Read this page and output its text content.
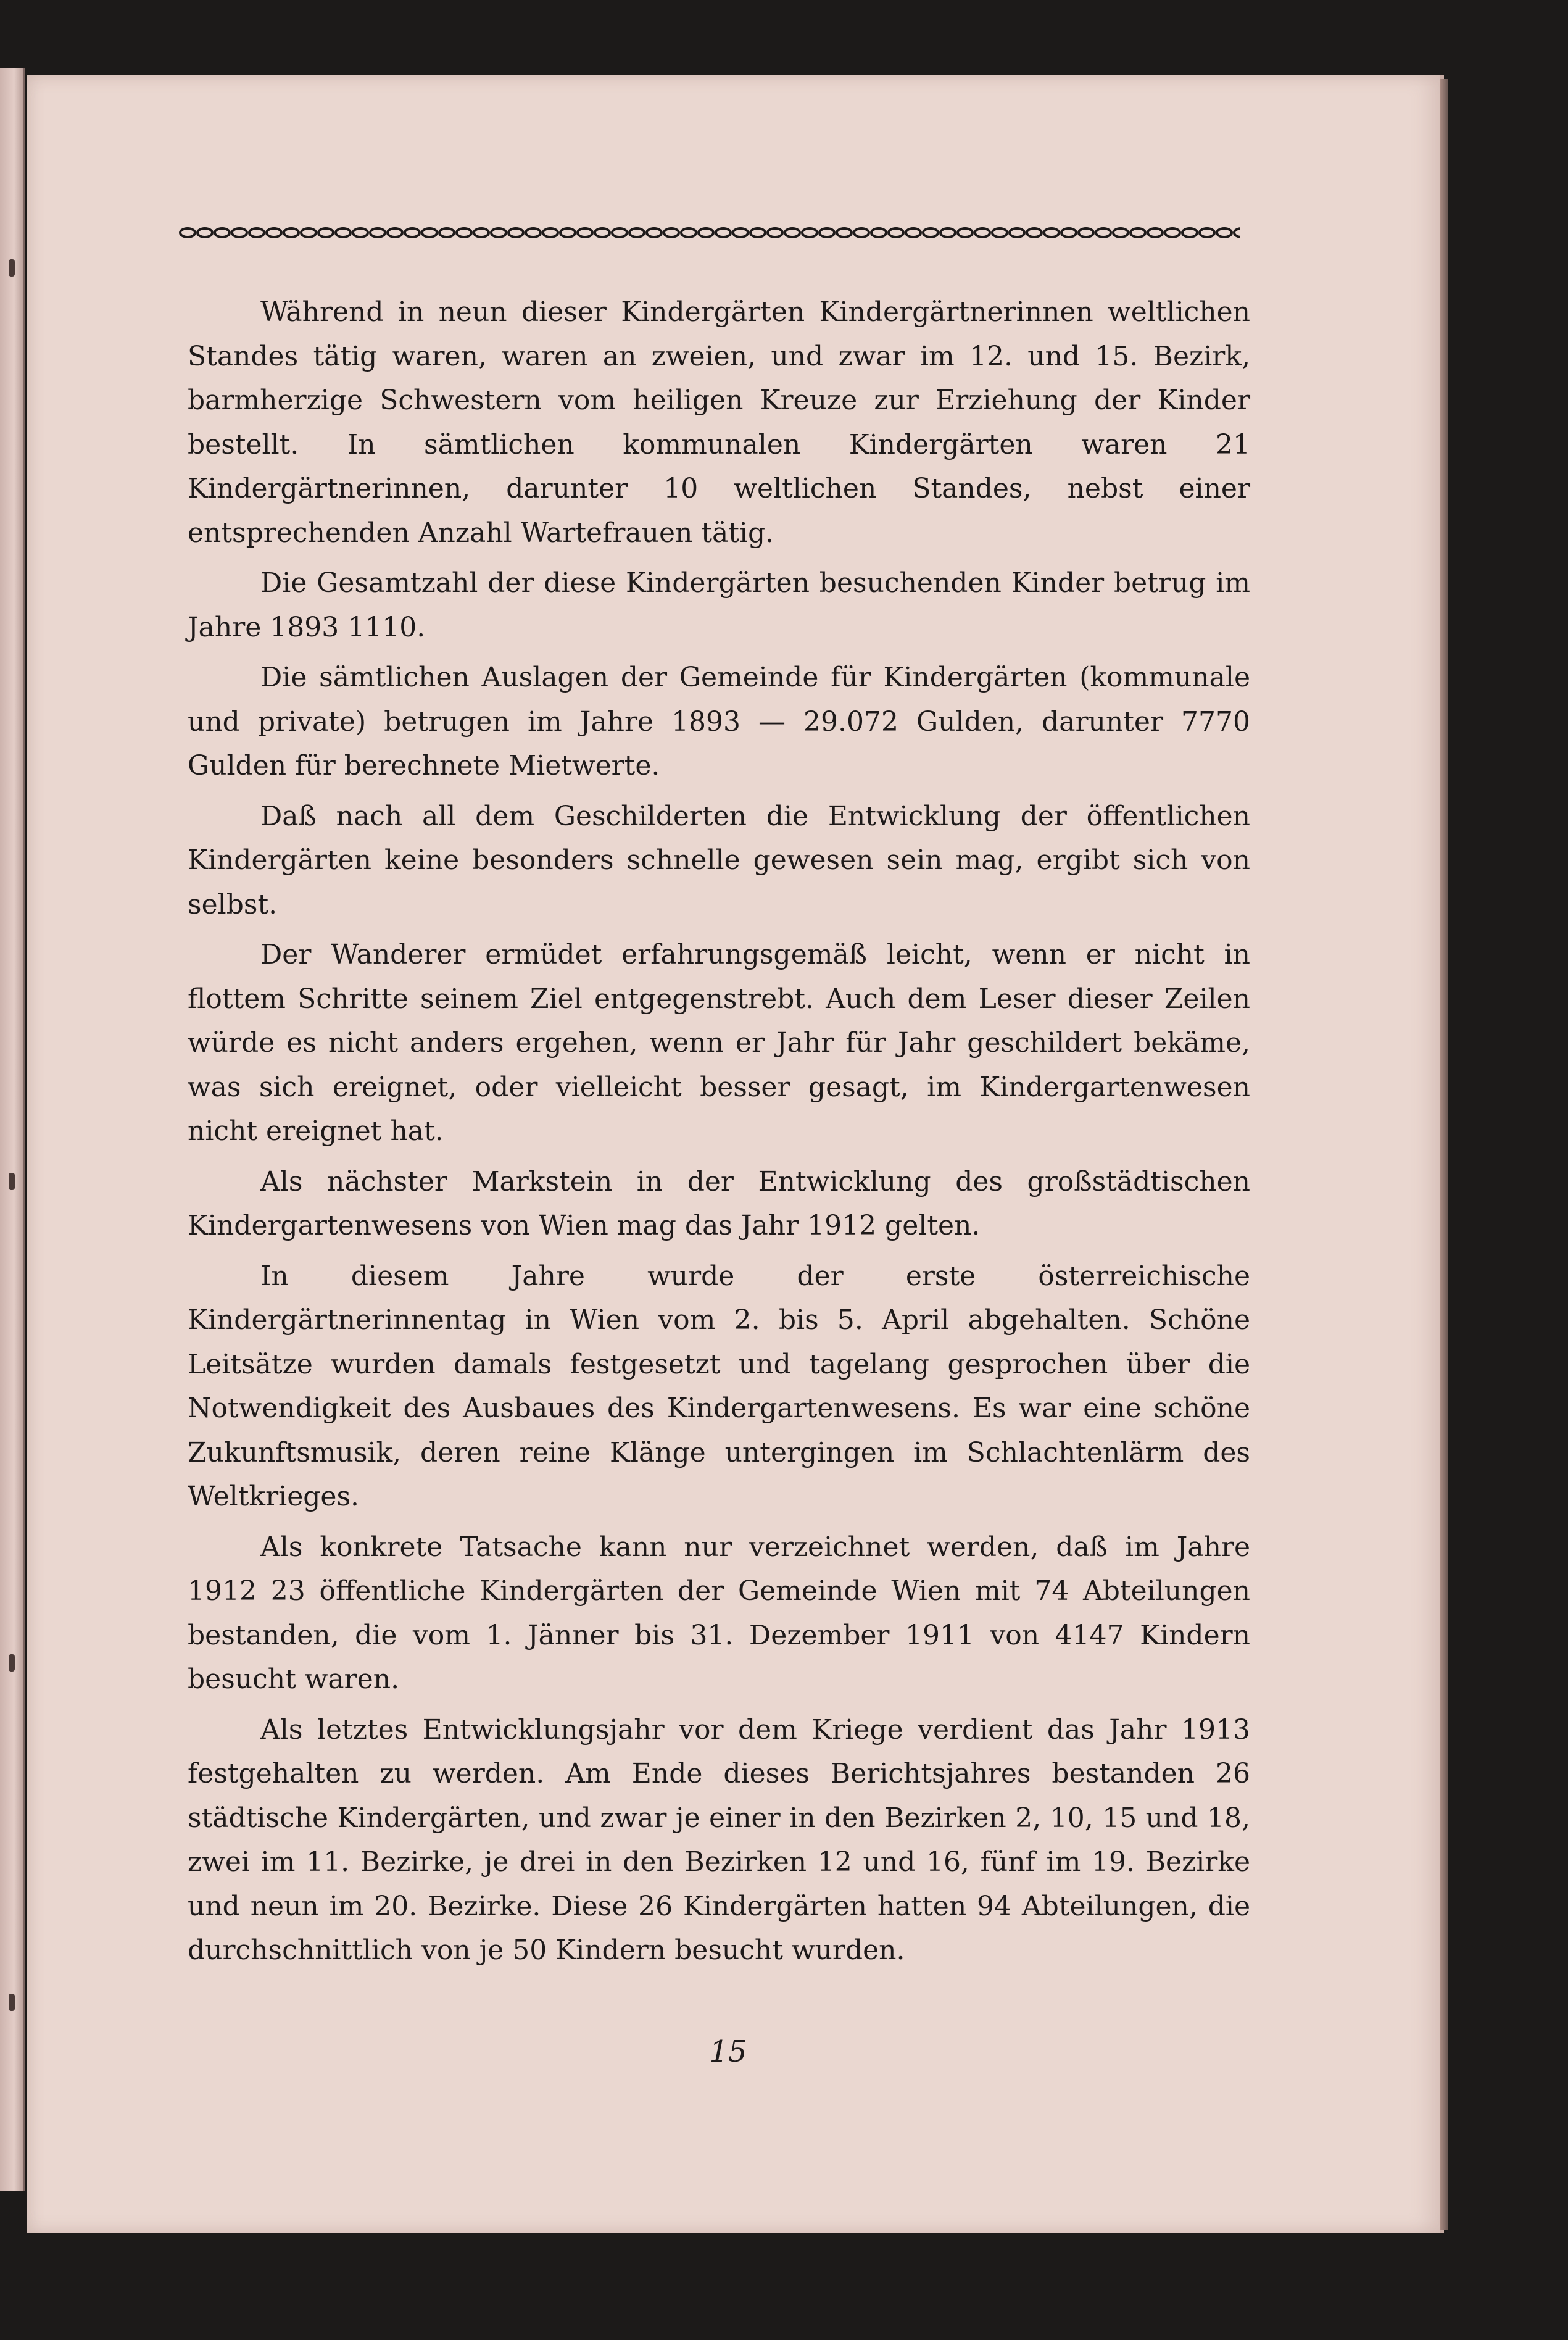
Während in neun dieser Kindergärten Kindergärtnerinnen weltlichen Standes tätig waren, waren an zweien, und zwar im 12. und 15. Bezirk, barmherzige Schwestern vom heiligen Kreuze zur Erziehung der Kinder bestellt. In sämtlichen kommunalen Kindergärten waren 21 Kindergärtnerinnen, darunter 10 weltlichen Standes, nebst einer entsprechenden Anzahl Wartefrauen tätig.

Die Gesamtzahl der diese Kindergärten besuchenden Kinder betrug im Jahre 1893 1110.

Die sämtlichen Auslagen der Gemeinde für Kindergärten (kommunale und private) betrugen im Jahre 1893 — 29.072 Gulden, darunter 7770 Gulden für berechnete Mietwerte.

Daß nach all dem Geschilderten die Entwicklung der öffentlichen Kindergärten keine besonders schnelle gewesen sein mag, ergibt sich von selbst.

Der Wanderer ermüdet erfahrungsgemäß leicht, wenn er nicht in flottem Schritte seinem Ziel entgegenstrebt. Auch dem Leser dieser Zeilen würde es nicht anders ergehen, wenn er Jahr für Jahr geschildert bekäme, was sich ereignet, oder vielleicht besser gesagt, im Kindergartenwesen nicht ereignet hat.

Als nächster Markstein in der Entwicklung des großstädtischen Kindergartenwesens von Wien mag das Jahr 1912 gelten.

In diesem Jahre wurde der erste österreichische Kindergärtnerinnentag in Wien vom 2. bis 5. April abgehalten. Schöne Leitsätze wurden damals festgesetzt und tagelang gesprochen über die Notwendigkeit des Ausbaues des Kindergartenwesens. Es war eine schöne Zukunftsmusik, deren reine Klänge untergingen im Schlachtenlärm des Weltkrieges.

Als konkrete Tatsache kann nur verzeichnet werden, daß im Jahre 1912 23 öffentliche Kindergärten der Gemeinde Wien mit 74 Abteilungen bestanden, die vom 1. Jänner bis 31. Dezember 1911 von 4147 Kindern besucht waren.

Als letztes Entwicklungsjahr vor dem Kriege verdient das Jahr 1913 festgehalten zu werden. Am Ende dieses Berichtsjahres bestanden 26 städtische Kindergärten, und zwar je einer in den Bezirken 2, 10, 15 und 18, zwei im 11. Bezirke, je drei in den Bezirken 12 und 16, fünf im 19. Bezirke und neun im 20. Bezirke. Diese 26 Kindergärten hatten 94 Abteilungen, die durchschnittlich von je 50 Kindern besucht wurden.

15
